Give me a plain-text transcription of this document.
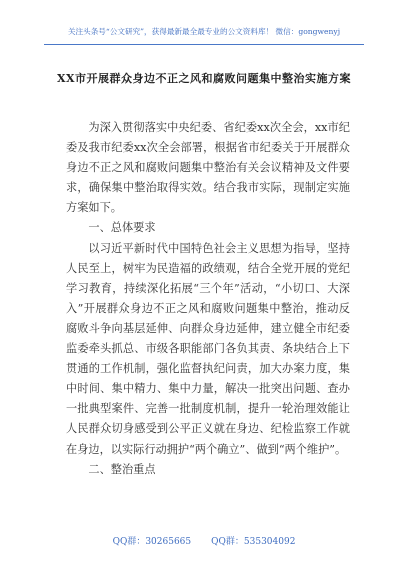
关注头条号“公文研究”，获得最新最全最专业的公文资料库！ 微信：gongwenyj
XX市开展群众身边不正之风和腐败问题集中整治实施方案

为深入贯彻落实中央纪委、省纪委xx次全会，xx市纪委及我市纪委xx次全会部署，根据省市纪委关于开展群众身边不正之风和腐败问题集中整治有关会议精神及文件要求，确保集中整治取得实效。结合我市实际，现制定实施方案如下。

一、总体要求

以习近平新时代中国特色社会主义思想为指导，坚持人民至上，树牢为民造福的政绩观，结合全党开展的党纪学习教育，持续深化拓展“三个年”活动，“小切口、大深入”开展群众身边不正之风和腐败问题集中整治，推动反腐败斗争向基层延伸、向群众身边延伸，建立健全市纪委监委牵头抓总、市级各职能部门各负其责、条块结合上下贯通的工作机制，强化监督执纪问责，加大办案力度，集中时间、集中精力、集中力量，解决一批突出问题、查办一批典型案件、完善一批制度机制，提升一轮治理效能让人民群众切身感受到公平正义就在身边、纪检监察工作就在身边，以实际行动拥护“两个确立”、做到“两个维护”。

二、整治重点

QQ群：30265665 QQ群：535304092
